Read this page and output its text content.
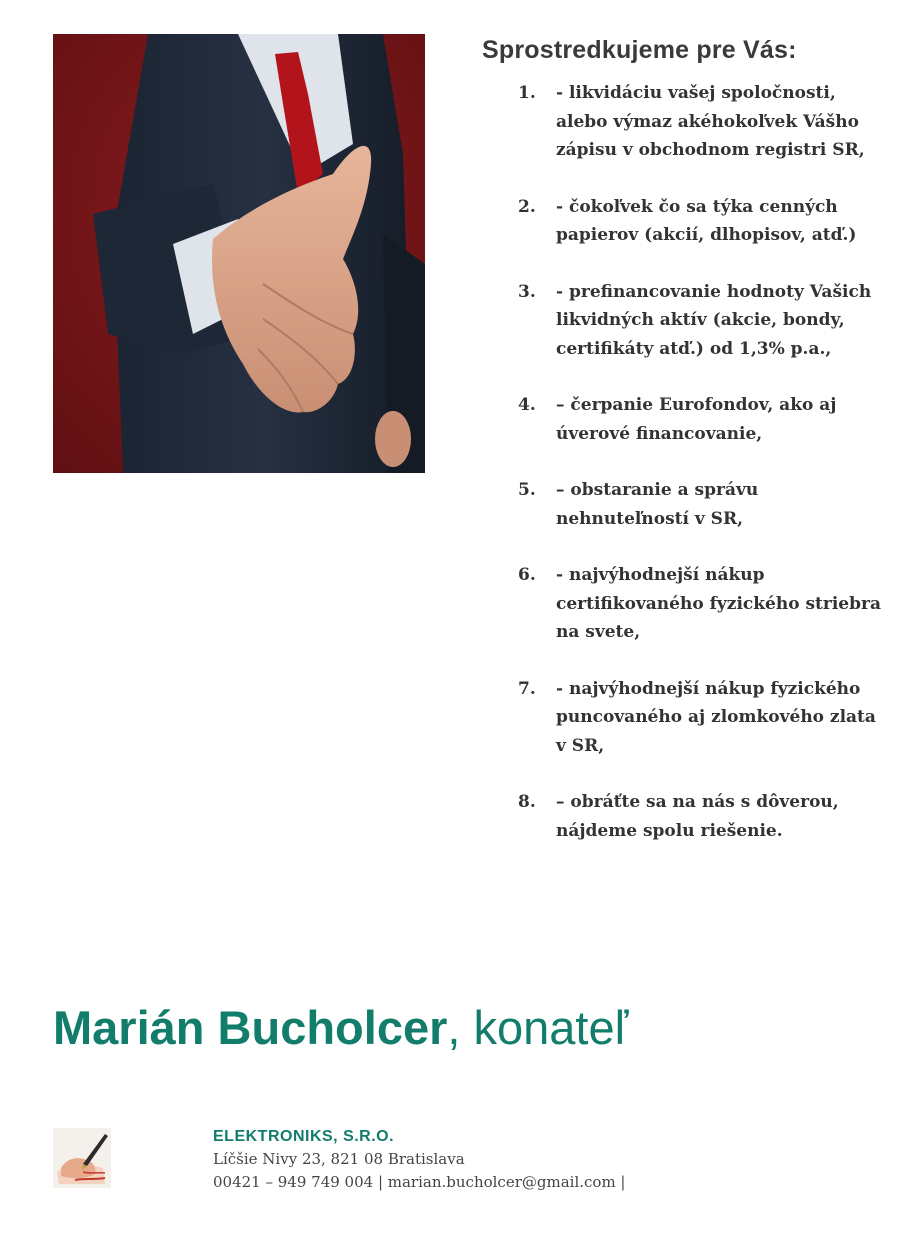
Sprostredkujeme pre Vás:
1. - likvidáciu vašej spoločnosti, alebo výmaz akéhokoľvek Vášho zápisu v obchodnom registri SR,
2. - čokoľvek čo sa týka cenných papierov (akcií, dlhopisov, atď.)
3. - prefinancovanie hodnoty Vašich likvidných aktív (akcie, bondy, certifikáty atď.) od 1,3% p.a.,
4. – čerpanie Eurofondov, ako aj úverové financovanie,
5. – obstaranie a správu nehnuteľností v SR,
6. - najvýhodnejší nákup certifikovaného fyzického striebra na svete,
7. - najvýhodnejší nákup fyzického puncovaného aj zlomkového zlata v SR,
8. – obráťte sa na nás s dôverou, nájdeme spolu riešenie.
Marián Bucholcer, konateľ
ELEKTRONIKS, S.R.O.
Líčšie Nivy 23, 821 08 Bratislava
00421 – 949 749 004 | marian.bucholcer@gmail.com |
